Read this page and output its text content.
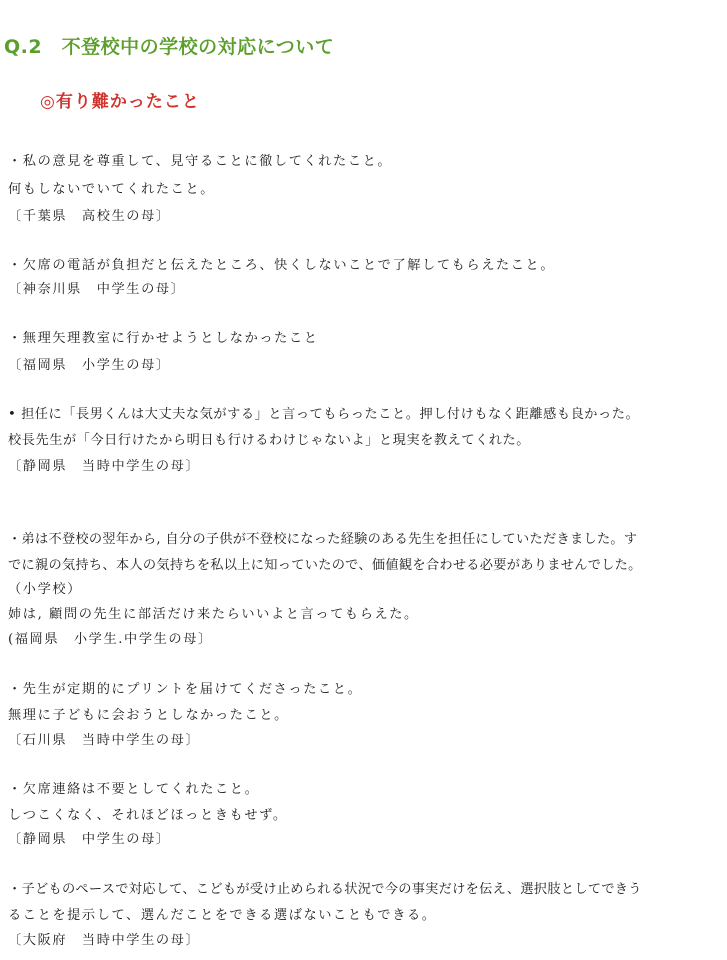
Q.2　不登校中の学校の対応について
◎有り難かったこと
・私の意見を尊重して、見守ることに徹してくれたこと。
何もしないでいてくれたこと。
〔千葉県　高校生の母〕
・欠席の電話が負担だと伝えたところ、快くしないことで了解してもらえたこと。
〔神奈川県　中学生の母〕
・無理矢理教室に行かせようとしなかったこと
〔福岡県　小学生の母〕
• 担任に「長男くんは大丈夫な気がする」と言ってもらったこと。押し付けもなく距離感も良かった。
校長先生が「今日行けたから明日も行けるわけじゃないよ」と現実を教えてくれた。
〔静岡県　当時中学生の母〕
・弟は不登校の翌年から, 自分の子供が不登校になった経験のある先生を担任にしていただきました。す
でに親の気持ち、本人の気持ちを私以上に知っていたので、価値観を合わせる必要がありませんでした。
（小学校）
姉は, 顧問の先生に部活だけ来たらいいよと言ってもらえた。
(福岡県　小学生.中学生の母〕
・先生が定期的にプリントを届けてくださったこと。
無理に子どもに会おうとしなかったこと。
〔石川県　当時中学生の母〕
・欠席連絡は不要としてくれたこと。
しつこくなく、それほどほっときもせず。
〔静岡県　中学生の母〕
・子どものペースで対応して、こどもが受け止められる状況で今の事実だけを伝え、選択肢としてできう
ることを提示して、選んだことをできる選ばないこともできる。
〔大阪府　当時中学生の母〕
